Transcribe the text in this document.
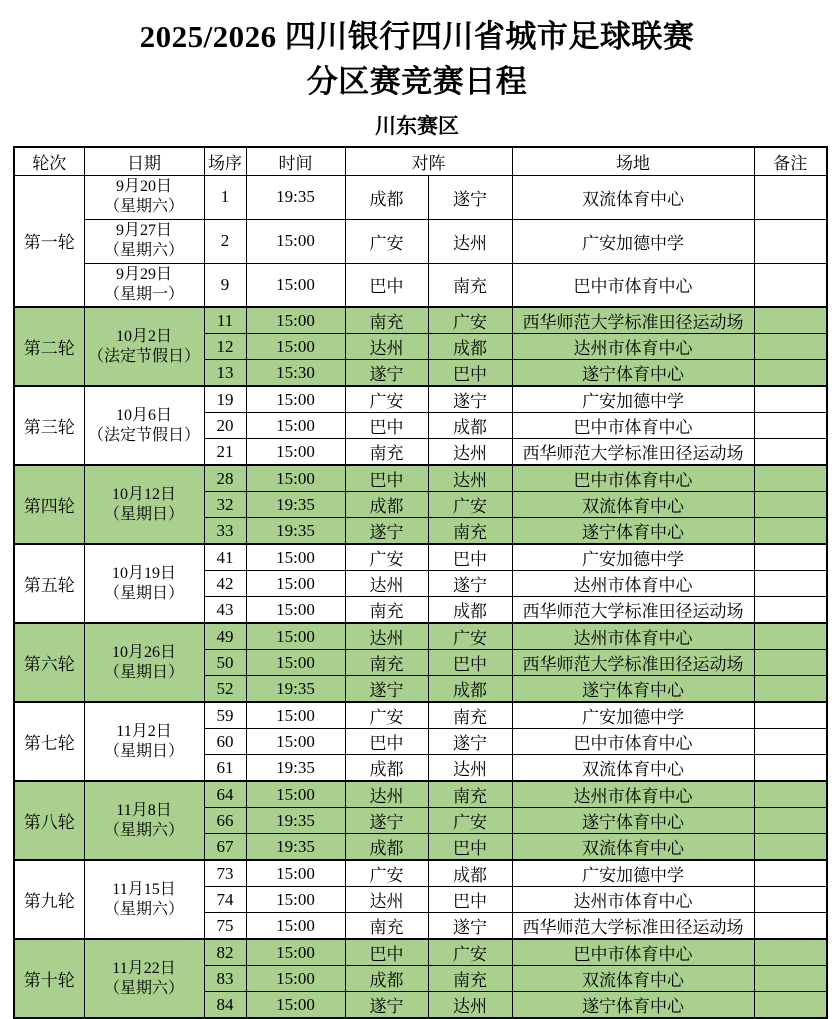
2025/2026 四川银行四川省城市足球联赛
分区赛竞赛日程
川东赛区
轮次	日期	场序	时间	对阵		场地	备注
第一轮	9月20日
（星期六）	1	19:35	成都	遂宁	双流体育中心	
	9月27日
（星期六）	2	15:00	广安	达州	广安加德中学	
	9月29日
（星期一）	9	15:00	巴中	南充	巴中市体育中心	
第二轮	10月2日
（法定节假日）	11	15:00	南充	广安	西华师范大学标准田径运动场	
		12	15:00	达州	成都	达州市体育中心	
		13	15:30	遂宁	巴中	遂宁体育中心	
第三轮	10月6日
（法定节假日）	19	15:00	广安	遂宁	广安加德中学	
		20	15:00	巴中	成都	巴中市体育中心	
		21	15:00	南充	达州	西华师范大学标准田径运动场	
第四轮	10月12日
（星期日）	28	15:00	巴中	达州	巴中市体育中心	
		32	19:35	成都	广安	双流体育中心	
		33	19:35	遂宁	南充	遂宁体育中心	
第五轮	10月19日
（星期日）	41	15:00	广安	巴中	广安加德中学	
		42	15:00	达州	遂宁	达州市体育中心	
		43	15:00	南充	成都	西华师范大学标准田径运动场	
第六轮	10月26日
（星期日）	49	15:00	达州	广安	达州市体育中心	
		50	15:00	南充	巴中	西华师范大学标准田径运动场	
		52	19:35	遂宁	成都	遂宁体育中心	
第七轮	11月2日
（星期日）	59	15:00	广安	南充	广安加德中学	
		60	15:00	巴中	遂宁	巴中市体育中心	
		61	19:35	成都	达州	双流体育中心	
第八轮	11月8日
（星期六）	64	15:00	达州	南充	达州市体育中心	
		66	19:35	遂宁	广安	遂宁体育中心	
		67	19:35	成都	巴中	双流体育中心	
第九轮	11月15日
（星期六）	73	15:00	广安	成都	广安加德中学	
		74	15:00	达州	巴中	达州市体育中心	
		75	15:00	南充	遂宁	西华师范大学标准田径运动场	
第十轮	11月22日
（星期六）	82	15:00	巴中	广安	巴中市体育中心	
		83	15:00	成都	南充	双流体育中心	
		84	15:00	遂宁	达州	遂宁体育中心	
